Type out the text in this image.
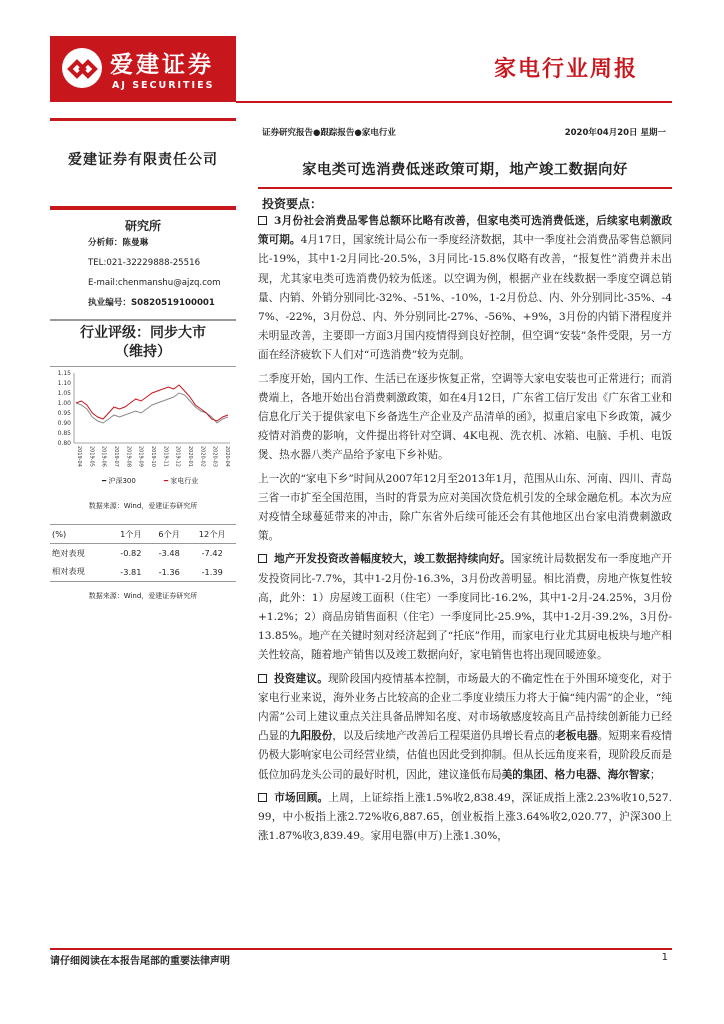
爱建证券
AJ SECURITIES
家电行业周报
爱建证券有限责任公司
研究所
分析师：陈曼琳
TEL:021-32229888-25516
E-mail:chenmanshu@ajzq.com
执业编号：S0820519100001
行业评级：同步大市
（维持）
1.15
1.10
1.05
1.00
0.95
0.90
0.85
0.80
2019-04 2019-05 2019-06 2019-07 2019-08 2019-09 2019-10 2019-11 2019-12 2020-01 2020-02 2020-03 2020-04
━ 沪深300	━ 家电行业
数据来源：Wind，爱建证券研究所
(%)	1个月	6个月	12个月
绝对表现	-0.82	-3.48	-7.42
相对表现	-3.81	-1.36	-1.39
数据来源：Wind，爱建证券研究所
证券研究报告●跟踪报告●家电行业	2020年04月20日 星期一
家电类可选消费低迷政策可期，地产竣工数据向好
投资要点：

3月份社会消费品零售总额环比略有改善，但家电类可选消费低迷，后续家电刺激政策可期。4月17日，国家统计局公布一季度经济数据，其中一季度社会消费品零售总额同比-19%，其中1-2月同比-20.5%，3月同比-15.8%仅略有改善，“报复性”消费并未出现，尤其家电类可选消费仍较为低迷。以空调为例，根据产业在线数据一季度空调总销量、内销、外销分别同比-32%、-51%、-10%，1-2月份总、内、外分别同比-35%、-47%、-22%，3月份总、内、外分别同比-27%、-56%、+9%，3月份的内销下滑程度并未明显改善，主要即一方面3月国内疫情得到良好控制，但空调“安装”条件受限，另一方面在经济疲软下人们对“可选消费”较为克制。

二季度开始，国内工作、生活已在逐步恢复正常，空调等大家电安装也可正常进行；而消费端上，各地开始出台消费刺激政策，如在4月12日，广东省工信厅发出《广东省工业和信息化厅关于提供家电下乡备选生产企业及产品清单的函》，拟重启家电下乡政策，减少疫情对消费的影响，文件提出将针对空调、4K电视、洗衣机、冰箱、电脑、手机、电饭煲、热水器八类产品给予家电下乡补贴。

上一次的“家电下乡”时间从2007年12月至2013年1月，范围从山东、河南、四川、青岛三省一市扩至全国范围，当时的背景为应对美国次贷危机引发的全球金融危机。本次为应对疫情全球蔓延带来的冲击，除广东省外后续可能还会有其他地区出台家电消费刺激政策。

地产开发投资改善幅度较大，竣工数据持续向好。国家统计局数据发布一季度地产开发投资同比-7.7%，其中1-2月份-16.3%，3月份改善明显。相比消费，房地产恢复性较高，此外：1）房屋竣工面积（住宅）一季度同比-16.2%，其中1-2月-24.25%，3月份+1.2%；2）商品房销售面积（住宅）一季度同比-25.9%，其中1-2月-39.2%，3月份-13.85%。地产在关键时刻对经济起到了“托底”作用，而家电行业尤其厨电板块与地产相关性较高，随着地产销售以及竣工数据向好，家电销售也将出现回暖迹象。

投资建议。现阶段国内疫情基本控制，市场最大的不确定性在于外围环境变化，对于家电行业来说，海外业务占比较高的企业二季度业绩压力将大于偏“纯内需”的企业，“纯内需”公司上建议重点关注具备品牌知名度、对市场敏感度较高且产品持续创新能力已经凸显的九阳股份，以及后续地产改善后工程渠道仍具增长看点的老板电器。短期来看疫情仍极大影响家电公司经营业绩，估值也因此受到抑制。但从长远角度来看，现阶段反而是低位加码龙头公司的最好时机，因此，建议逢低布局美的集团、格力电器、海尔智家；

市场回顾。上周，上证综指上涨1.5%收2,838.49，深证成指上涨2.23%收10,527.99，中小板指上涨2.72%收6,887.65，创业板指上涨3.64%收2,020.77，沪深300上涨1.87%收3,839.49。家用电器(申万)上涨1.30%，

请仔细阅读在本报告尾部的重要法律声明	1
